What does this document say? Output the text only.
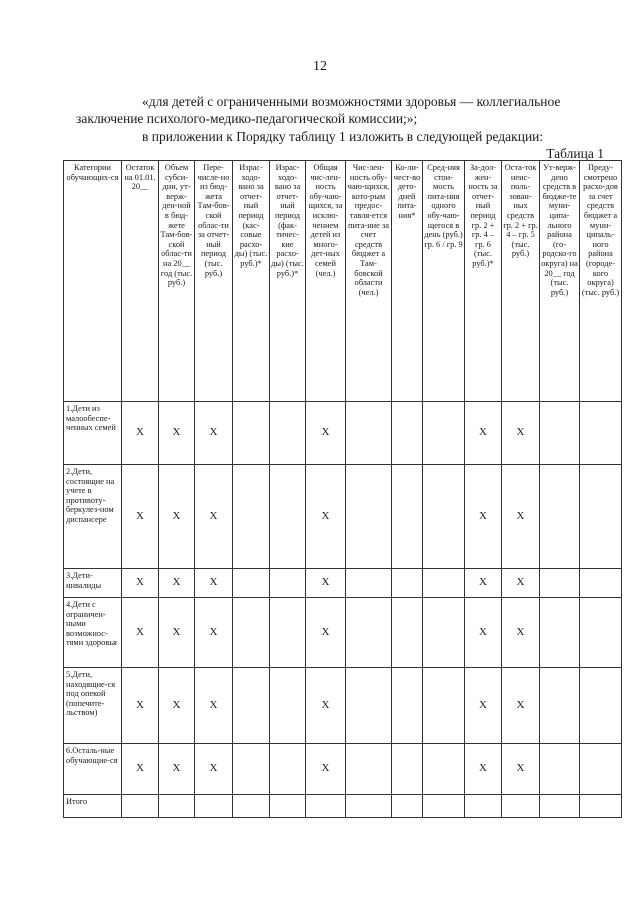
12
«для детей с ограниченными возможностями здоровья — коллегиальное
заключение психолого-медико-педагогической комиссии;»;
в приложении к Порядку таблицу 1 изложить в следующей редакции:
Таблица 1
Категории обучающих-ся	Остаток на 01.01. 20__	Объем субси-дии, ут-верж-ден-ной в бюд-жете Там-бов-ской облас-ти на 20__ год (тыс. руб.)	Пере-числе-но из бюд-жета Там-бов-ской облас-ти за отчет-ный период (тыс. руб.)	Израс-ходо-вано за отчет-ный период (кас-совые расхо-ды) (тыс. руб.)*	Израс-ходо-вано за отчет-ный период (фак-тичес-кие расхо-ды) (тыс. руб.)*	Общая чис-лен-ность обу-чаю-щихся, за исклю-чением детей из много-дет-ных семей (чел.)	Чис-лен-ность обу-чаю-щихся, кото-рым предос-тавля-ется пита-ние за счет средств бюджет а Там-бовской области (чел.)	Ко-ли-чест-во дето-дней пита-ния*	Сред-няя стои-мость пита-ния одного обу-чаю-щегося в день (руб.) гр. 6 / гр. 9	За-дол-жен-ность за отчет-ный период гр. 2 + гр. 4 – гр. 6 (тыс. руб.)*	Оста-ток неис-поль-зован-ных средств гр. 2 + гр. 4 – гр. 5 (тыс. руб.)	Ут-верж-дено средств в бюдже-те муни-ципа-льного района (го-родско-го округа) на 20__ год (тыс. руб.)	Преду-смотрено расхо-дов за счет средств бюджет а муни-ципаль-ного района (городе-кого округа) (тыс. руб.)
1.Дети из малообеспе-ченных семей	X	X	X			X				X	X		
2.Дети, состоящие на учете в противоту-беркулез-ном диспансере	X	X	X			X				X	X		
3.Дети-инвалиды	X	X	X			X				X	X		
4.Дети с ограничен-ными возможнос-тями здоровья	X	X	X			X				X	X		
5.Дети, находящие-ся под опекой (попечите-льством)	X	X	X			X				X	X		
6.Осталь-ные обучающие-ся	X	X	X			X				X	X		
Итого													
